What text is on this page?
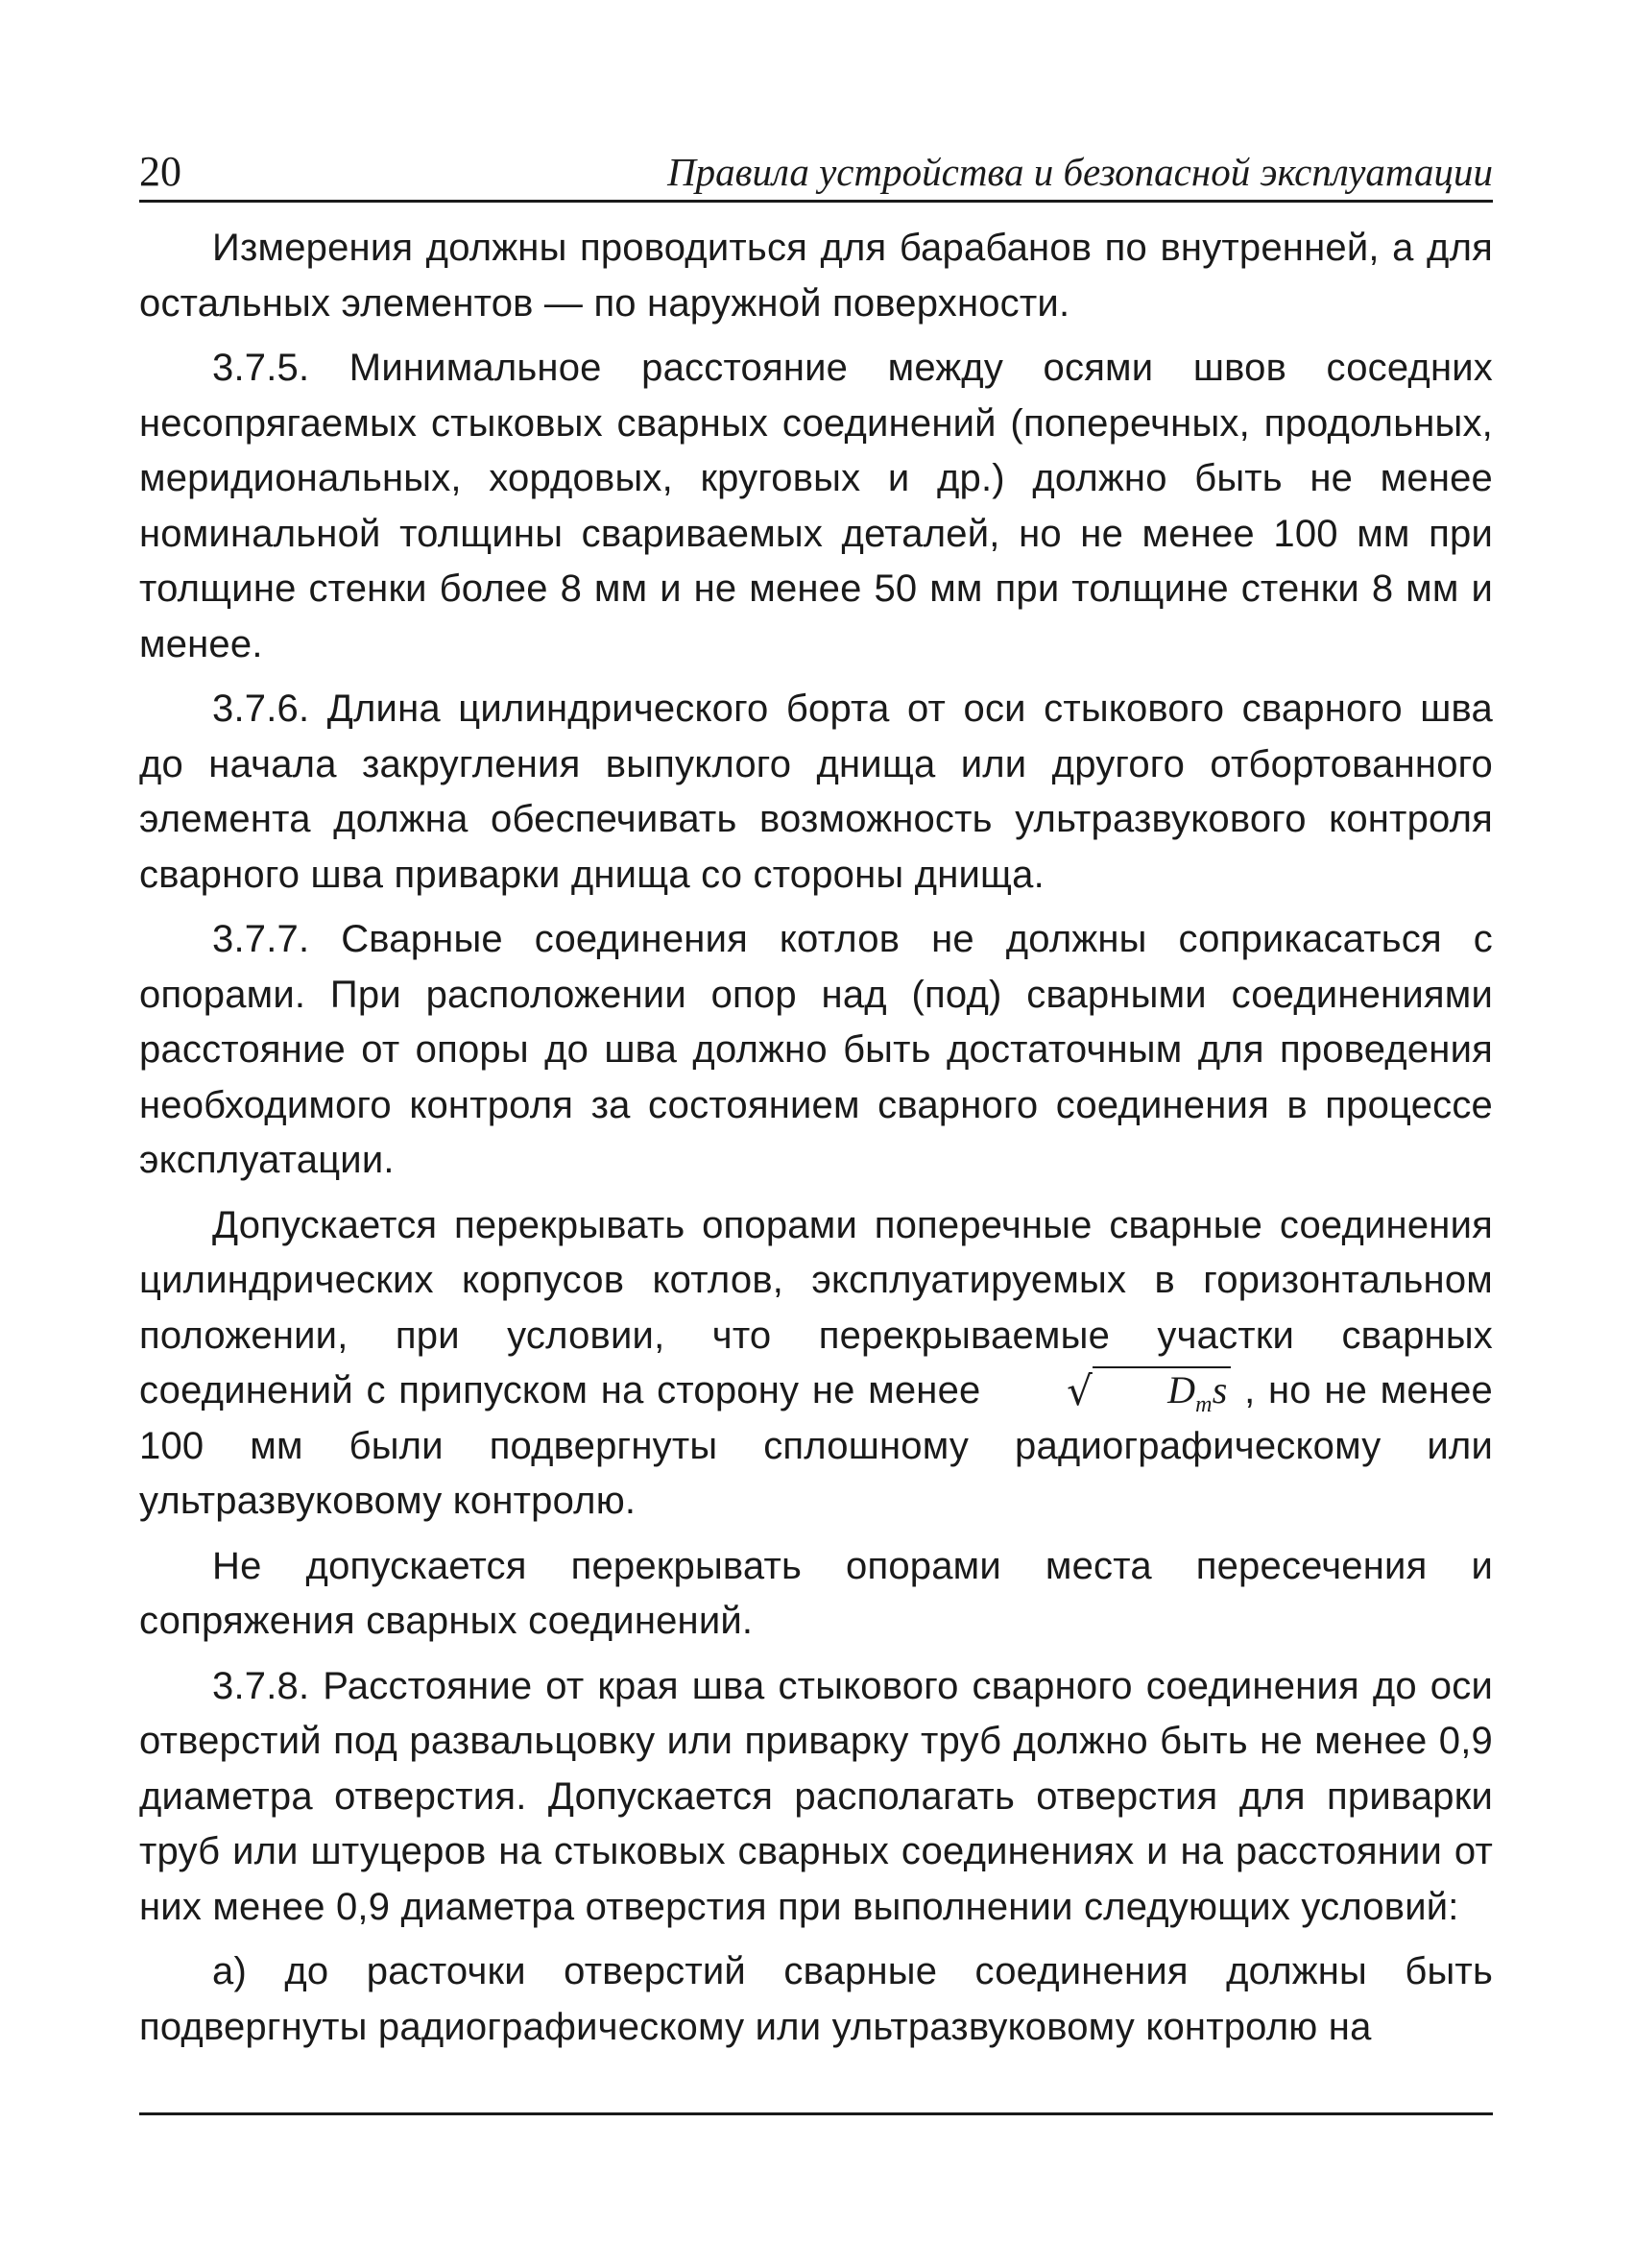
20	Правила устройства и безопасной эксплуатации

Измерения должны проводиться для барабанов по внутренней, а для остальных элементов — по наружной поверхности.

3.7.5. Минимальное расстояние между осями швов соседних несопрягаемых стыковых сварных соединений (поперечных, продольных, меридиональных, хордовых, круговых и др.) должно быть не менее номинальной толщины свариваемых деталей, но не менее 100 мм при толщине стенки более 8 мм и не менее 50 мм при толщине стенки 8 мм и менее.

3.7.6. Длина цилиндрического борта от оси стыкового сварного шва до начала закругления выпуклого днища или другого отбортованного элемента должна обеспечивать возможность ультразвукового контроля сварного шва приварки днища со стороны днища.

3.7.7. Сварные соединения котлов не должны соприкасаться с опорами. При расположении опор над (под) сварными соединениями расстояние от опоры до шва должно быть достаточным для проведения необходимого контроля за состоянием сварного соединения в процессе эксплуатации.

Допускается перекрывать опорами поперечные сварные соединения цилиндрических корпусов котлов, эксплуатируемых в горизонтальном положении, при условии, что перекрываемые участки сварных соединений с припуском на сторону не менее √ $D_ms$ , но не менее 100 мм были подвергнуты сплошному радиографическому или ультразвуковому контролю.

Не допускается перекрывать опорами места пересечения и сопряжения сварных соединений.

3.7.8. Расстояние от края шва стыкового сварного соединения до оси отверстий под развальцовку или приварку труб должно быть не менее 0,9 диаметра отверстия. Допускается располагать отверстия для приварки труб или штуцеров на стыковых сварных соединениях и на расстоянии от них менее 0,9 диаметра отверстия при выполнении следующих условий:

а) до расточки отверстий сварные соединения должны быть подвергнуты радиографическому или ультразвуковому контролю на
